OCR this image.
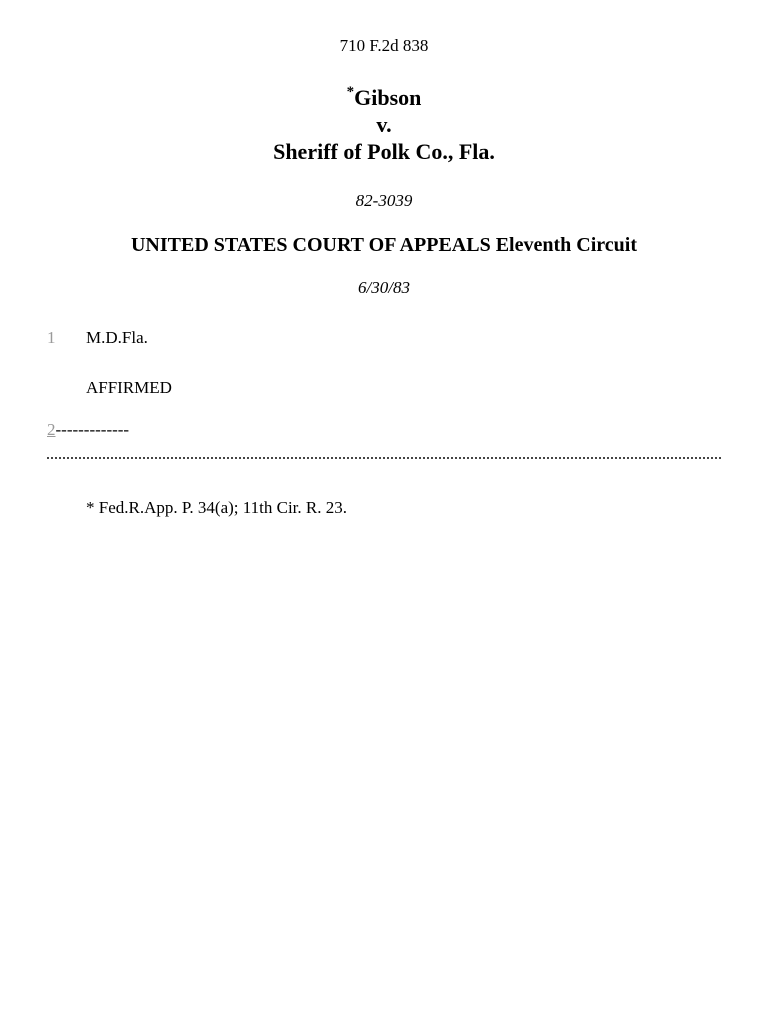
710 F.2d 838
*Gibson
v.
Sheriff of Polk Co., Fla.
82-3039
UNITED STATES COURT OF APPEALS Eleventh Circuit
6/30/83
1 M.D.Fla.
AFFIRMED
2-------------
* Fed.R.App. P. 34(a); 11th Cir. R. 23.
